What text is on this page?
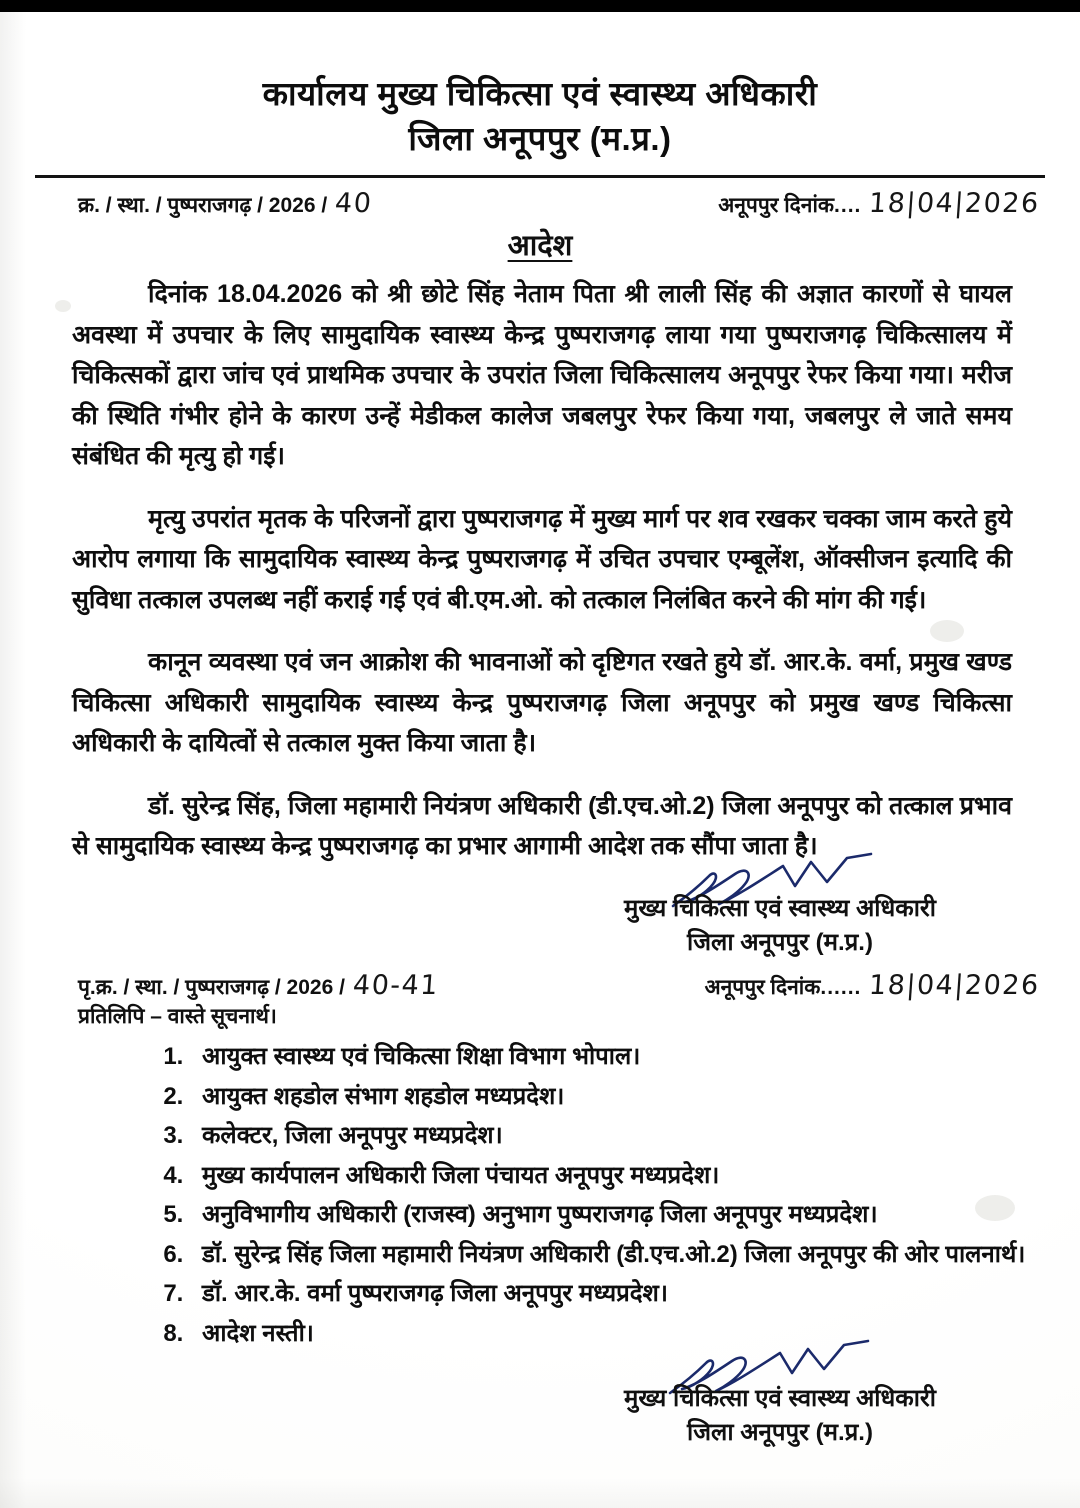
कार्यालय मुख्य चिकित्सा एवं स्वास्थ्य अधिकारी
जिला अनूपपुर (म.प्र.)
क्र. / स्था. / पुष्पराजगढ़ / 2026 / 40	अनूपपुर दिनांक .... 18|04|2026
आदेश

दिनांक 18.04.2026 को श्री छोटे सिंह नेताम पिता श्री लाली सिंह की अज्ञात कारणों से घायल अवस्था में उपचार के लिए सामुदायिक स्वास्थ्य केन्द्र पुष्पराजगढ़ लाया गया पुष्पराजगढ़ चिकित्सालय में चिकित्सकों द्वारा जांच एवं प्राथमिक उपचार के उपरांत जिला चिकित्सालय अनूपपुर रेफर किया गया। मरीज की स्थिति गंभीर होने के कारण उन्हें मेडीकल कालेज जबलपुर रेफर किया गया, जबलपुर ले जाते समय संबंधित की मृत्यु हो गई।

मृत्यु उपरांत मृतक के परिजनों द्वारा पुष्पराजगढ़ में मुख्य मार्ग पर शव रखकर चक्का जाम करते हुये आरोप लगाया कि सामुदायिक स्वास्थ्य केन्द्र पुष्पराजगढ़ में उचित उपचार एम्बूलेंश, ऑक्सीजन इत्यादि की सुविधा तत्काल उपलब्ध नहीं कराई गई एवं बी.एम.ओ. को तत्काल निलंबित करने की मांग की गई।

कानून व्यवस्था एवं जन आक्रोश की भावनाओं को दृष्टिगत रखते हुये डॉ. आर.के. वर्मा, प्रमुख खण्ड चिकित्सा अधिकारी सामुदायिक स्वास्थ्य केन्द्र पुष्पराजगढ़ जिला अनूपपुर को प्रमुख खण्ड चिकित्सा अधिकारी के दायित्वों से तत्काल मुक्त किया जाता है।

डॉ. सुरेन्द्र सिंह, जिला महामारी नियंत्रण अधिकारी (डी.एच.ओ.2) जिला अनूपपुर को तत्काल प्रभाव से सामुदायिक स्वास्थ्य केन्द्र पुष्पराजगढ़ का प्रभार आगामी आदेश तक सौंपा जाता है।

मुख्य चिकित्सा एवं स्वास्थ्य अधिकारी
जिला अनूपपुर (म.प्र.)
पृ.क्र. / स्था. / पुष्पराजगढ़ / 2026 / 40-41	अनूपपुर दिनांक ...... 18|04|2026
प्रतिलिपि – वास्ते सूचनार्थ।
1. आयुक्त स्वास्थ्य एवं चिकित्सा शिक्षा विभाग भोपाल।
2. आयुक्त शहडोल संभाग शहडोल मध्यप्रदेश।
3. कलेक्टर, जिला अनूपपुर मध्यप्रदेश।
4. मुख्य कार्यपालन अधिकारी जिला पंचायत अनूपपुर मध्यप्रदेश।
5. अनुविभागीय अधिकारी (राजस्व) अनुभाग पुष्पराजगढ़ जिला अनूपपुर मध्यप्रदेश।
6. डॉ. सुरेन्द्र सिंह जिला महामारी नियंत्रण अधिकारी (डी.एच.ओ.2) जिला अनूपपुर की ओर पालनार्थ।
7. डॉ. आर.के. वर्मा पुष्पराजगढ़ जिला अनूपपुर मध्यप्रदेश।
8. आदेश नस्ती।
मुख्य चिकित्सा एवं स्वास्थ्य अधिकारी
जिला अनूपपुर (म.प्र.)
